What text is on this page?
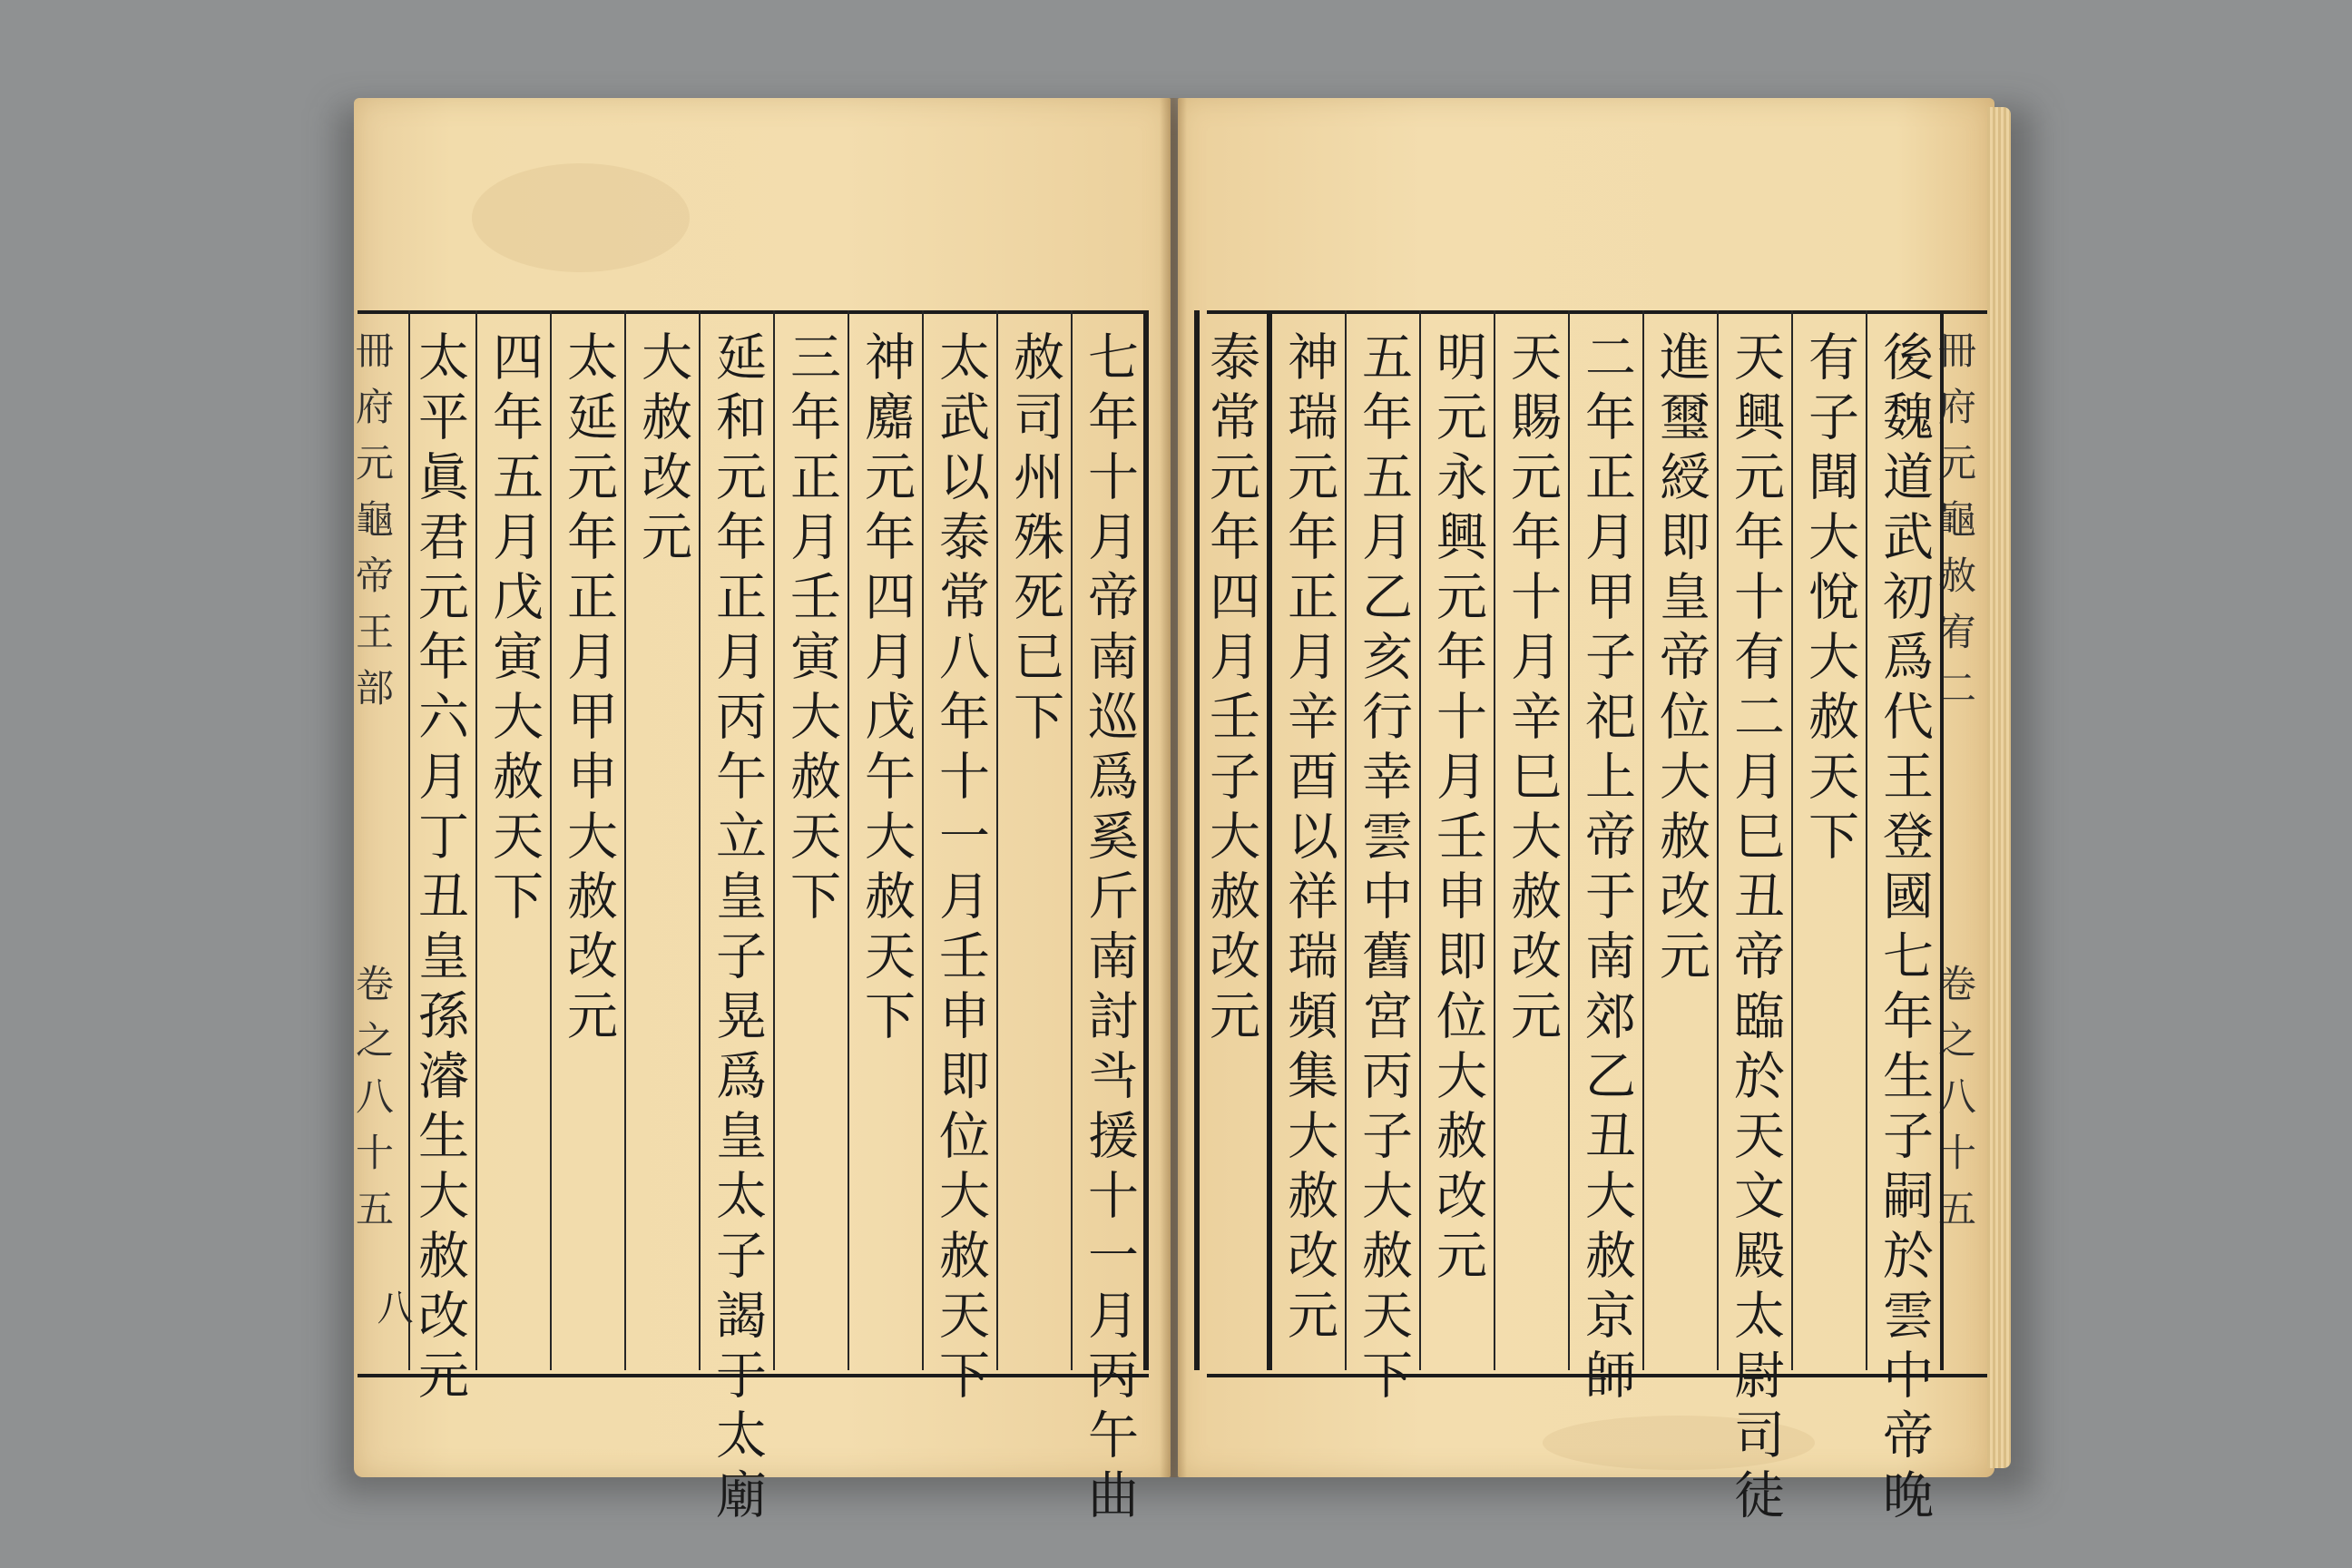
冊府元龜帝王部
卷之八十五
八	七年十月帝南巡爲奚斤南討㪲援十一月丙午曲
赦司州殊死已下
太武以泰常八年十一月壬申即位大赦天下
神䴥元年四月戊午大赦天下
三年正月壬寅大赦天下
延和元年正月丙午立皇子晃爲皇太子謁于太廟
大赦改元
太延元年正月甲申大赦改元
四年五月戊寅大赦天下
太平眞君元年六月丁丑皇孫濬生大赦改元	冊府元龜赦宥二
卷之八十五
後魏道武初爲代王登國七年生子嗣於雲中帝晚
有子聞大悅大赦天下
天興元年十有二月巳丑帝臨於天文殿太尉司徒
進璽綬即皇帝位大赦改元
二年正月甲子祀上帝于南郊乙丑大赦京師
天賜元年十月辛巳大赦改元
明元永興元年十月壬申即位大赦改元
五年五月乙亥行幸雲中舊宮丙子大赦天下
神瑞元年正月辛酉以祥瑞頻集大赦改元
泰常元年四月壬子大赦改元
